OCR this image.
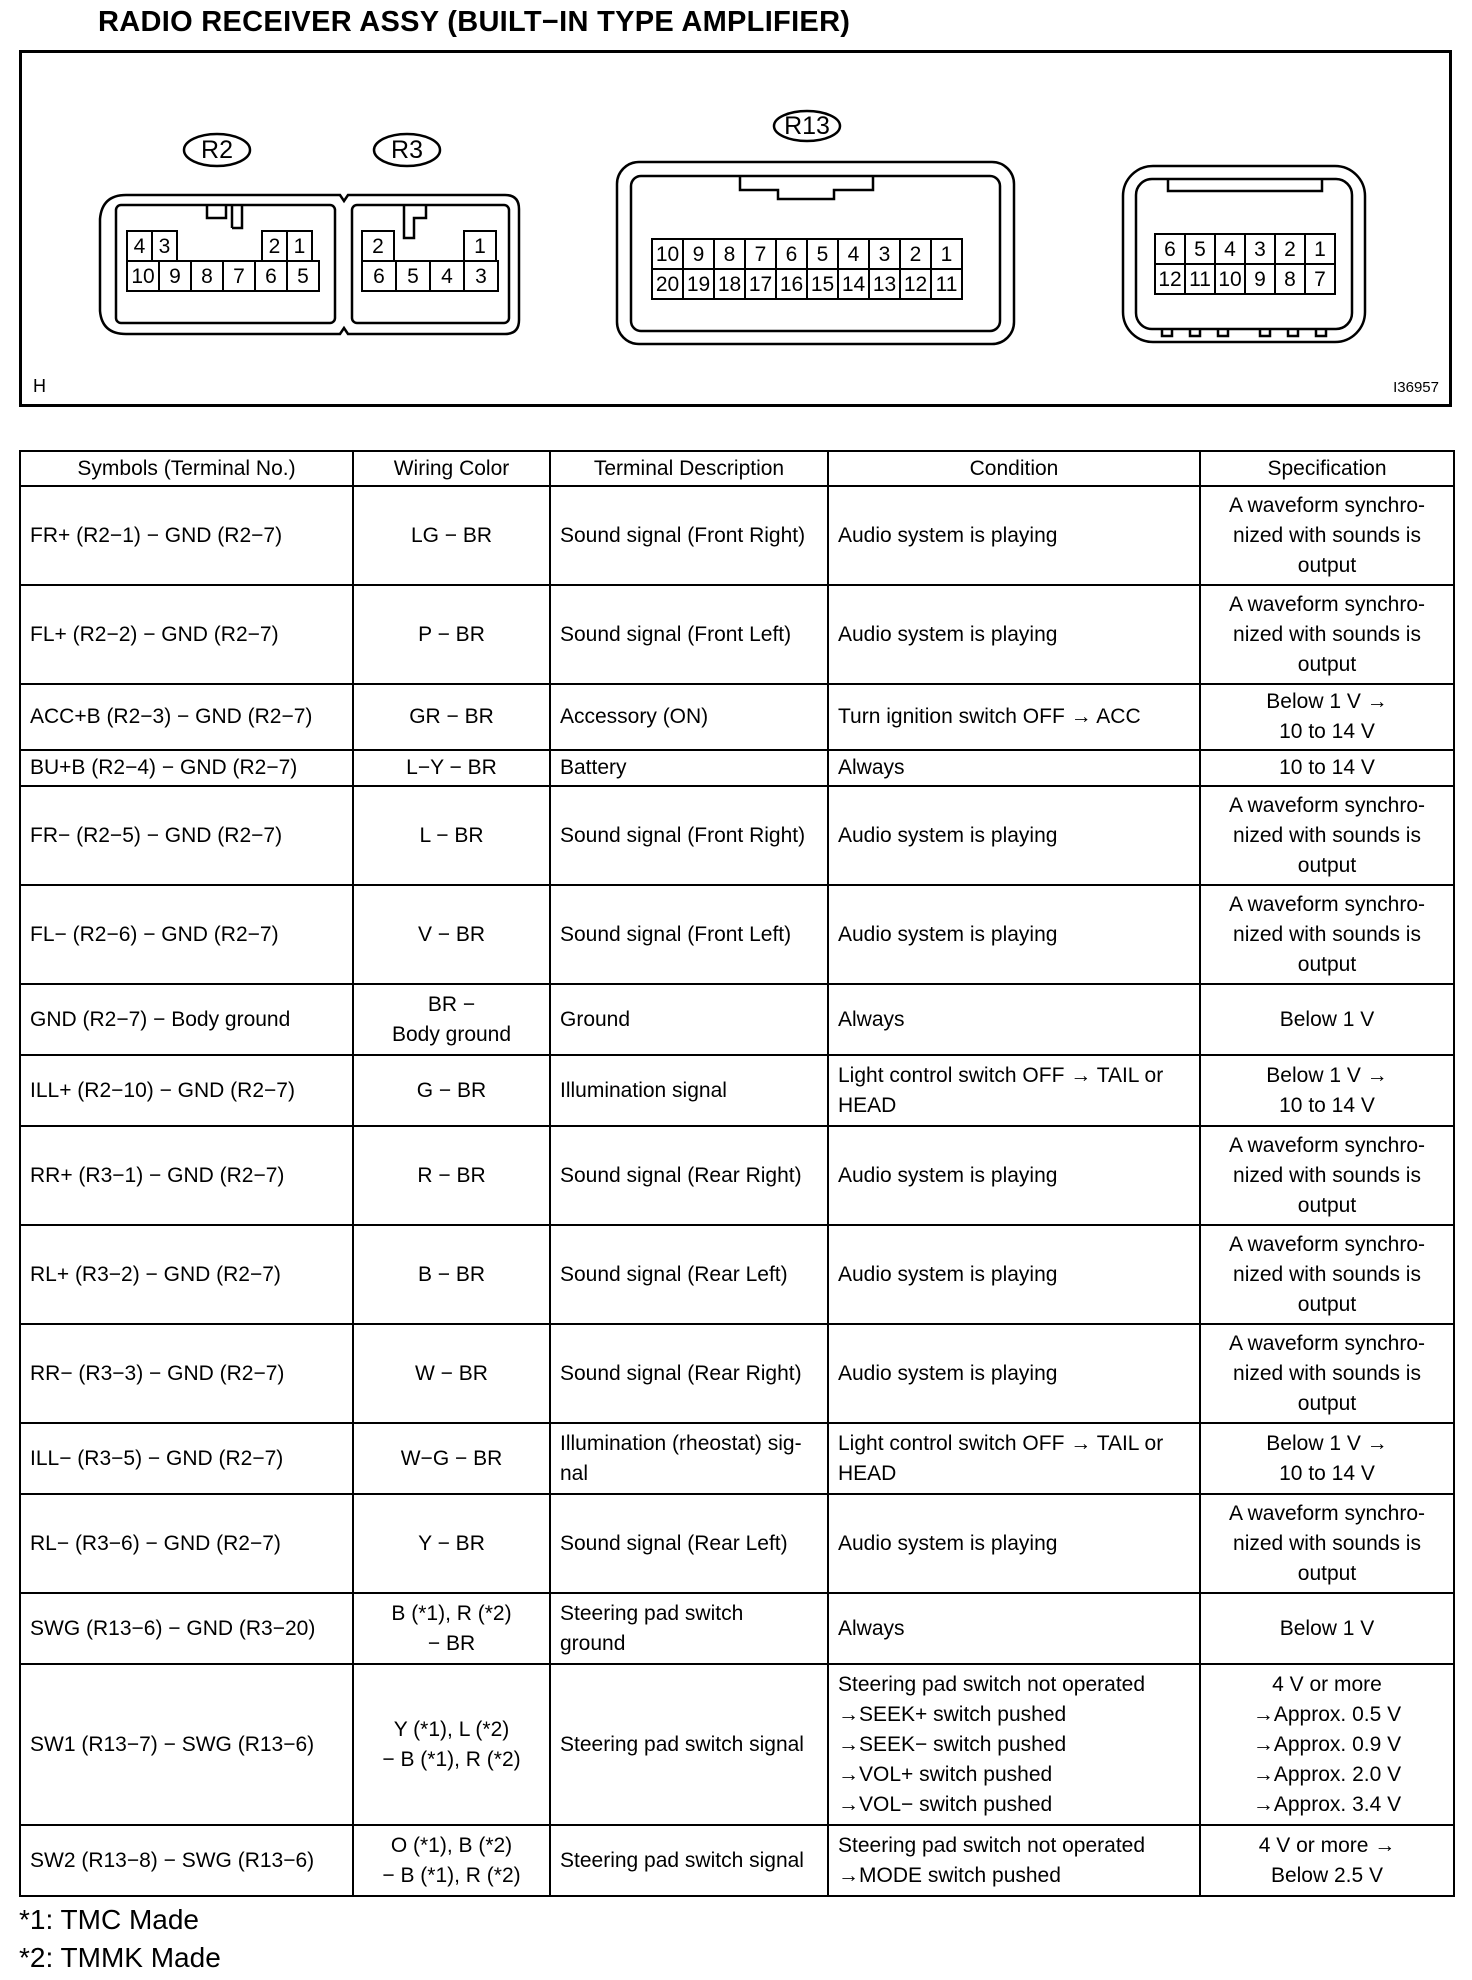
RADIO RECEIVER ASSY (BUILT−IN TYPE AMPLIFIER)
4 3	2 1
10 9 8 7 6 5
2	1
6 5 4 3
10 9 8 7 6 5 4 3 2 1
20 19 18 17 16 15 14 13 12 11
6 5 4 3 2 1
12 11 10 9 8 7
R2	R3
R13
H	I36957
Symbols (Terminal No.)	Wiring Color	Terminal Description	Condition	Specification
FR+ (R2−1) − GND (R2−7)	LG − BR	Sound signal (Front Right)	Audio system is playing	A waveform synchro-
nized with sounds is
output
FL+ (R2−2) − GND (R2−7)	P − BR	Sound signal (Front Left)	Audio system is playing	A waveform synchro-
nized with sounds is
output
ACC+B (R2−3) − GND (R2−7)	GR − BR	Accessory (ON)	Turn ignition switch OFF → ACC	Below 1 V →
10 to 14 V
BU+B (R2−4) − GND (R2−7)	L−Y − BR	Battery	Always	10 to 14 V
FR− (R2−5) − GND (R2−7)	L − BR	Sound signal (Front Right)	Audio system is playing	A waveform synchro-
nized with sounds is
output
FL− (R2−6) − GND (R2−7)	V − BR	Sound signal (Front Left)	Audio system is playing	A waveform synchro-
nized with sounds is
output
GND (R2−7) − Body ground	BR −
Body ground	Ground	Always	Below 1 V
ILL+ (R2−10) − GND (R2−7)	G − BR	Illumination signal	Light control switch OFF → TAIL or
HEAD	Below 1 V →
10 to 14 V
RR+ (R3−1) − GND (R2−7)	R − BR	Sound signal (Rear Right)	Audio system is playing	A waveform synchro-
nized with sounds is
output
RL+ (R3−2) − GND (R2−7)	B − BR	Sound signal (Rear Left)	Audio system is playing	A waveform synchro-
nized with sounds is
output
RR− (R3−3) − GND (R2−7)	W − BR	Sound signal (Rear Right)	Audio system is playing	A waveform synchro-
nized with sounds is
output
ILL− (R3−5) − GND (R2−7)	W−G − BR	Illumination (rheostat) sig-
nal	Light control switch OFF → TAIL or
HEAD	Below 1 V →
10 to 14 V
RL− (R3−6) − GND (R2−7)	Y − BR	Sound signal (Rear Left)	Audio system is playing	A waveform synchro-
nized with sounds is
output
SWG (R13−6) − GND (R3−20)	B (*1), R (*2)
− BR	Steering pad switch
ground	Always	Below 1 V
SW1 (R13−7) − SWG (R13−6)	Y (*1), L (*2)
− B (*1), R (*2)	Steering pad switch signal	Steering pad switch not operated
→SEEK+ switch pushed
→SEEK− switch pushed
→VOL+ switch pushed
→VOL− switch pushed	4 V or more
→Approx. 0.5 V
→Approx. 0.9 V
→Approx. 2.0 V
→Approx. 3.4 V
SW2 (R13−8) − SWG (R13−6)	O (*1), B (*2)
− B (*1), R (*2)	Steering pad switch signal	Steering pad switch not operated
→MODE switch pushed	4 V or more →
Below 2.5 V
*1: TMC Made
*2: TMMK Made
